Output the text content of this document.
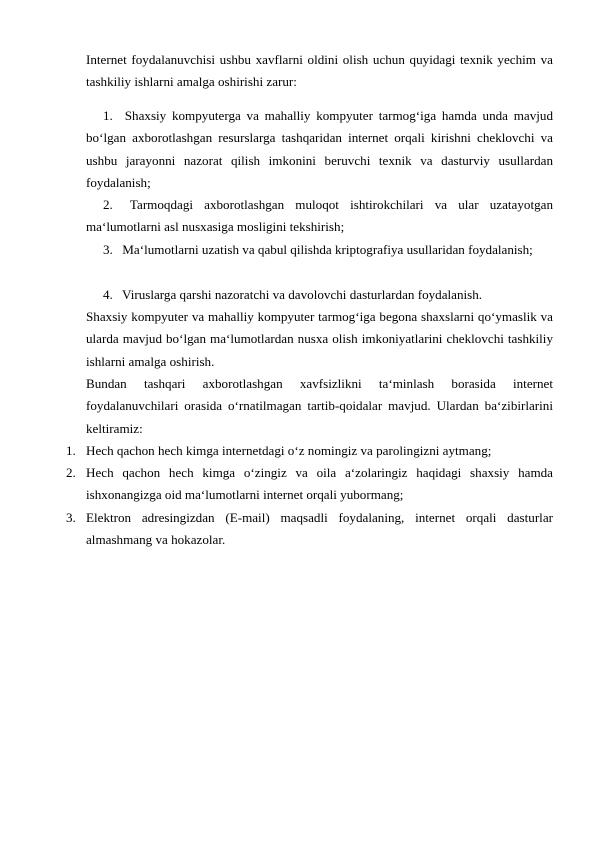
Internet foydalanuvchisi ushbu xavflarni oldini olish uchun quyidagi texnik yechim va tashkiliy ishlarni amalga oshirishi zarur:

1. Shaxsiy kompyuterga va mahalliy kompyuter tarmog‘iga hamda unda mavjud bo‘lgan axborotlashgan resurslarga tashqaridan internet orqali kirishni cheklovchi va ushbu jarayonni nazorat qilish imkonini beruvchi texnik va dasturviy usullardan foydalanish;

2. Tarmoqdagi axborotlashgan muloqot ishtirokchilari va ular uzatayotgan ma‘lumotlarni asl nusxasiga mosligini tekshirish;

3. Ma‘lumotlarni uzatish va qabul qilishda kriptografiya usullaridan foydalanish;

4. Viruslarga qarshi nazoratchi va davolovchi dasturlardan foydalanish.

Shaxsiy kompyuter va mahalliy kompyuter tarmog‘iga begona shaxslarni qo‘ymaslik va ularda mavjud bo‘lgan ma‘lumotlardan nusxa olish imkoniyatlarini cheklovchi tashkiliy ishlarni amalga oshirish.

Bundan tashqari axborotlashgan xavfsizlikni ta‘minlash borasida internet foydalanuvchilari orasida o‘rnatilmagan tartib-qoidalar mavjud. Ulardan ba‘zibirlarini keltiramiz:

1. Hech qachon hech kimga internetdagi o‘z nomingiz va parolingizni aytmang;

2. Hech qachon hech kimga o‘zingiz va oila a‘zolaringiz haqidagi shaxsiy hamda ishxonangizga oid ma‘lumotlarni internet orqali yubormang;

3. Elektron adresingizdan (E-mail) maqsadli foydalaning, internet orqali dasturlar almashmang va hokazolar.
